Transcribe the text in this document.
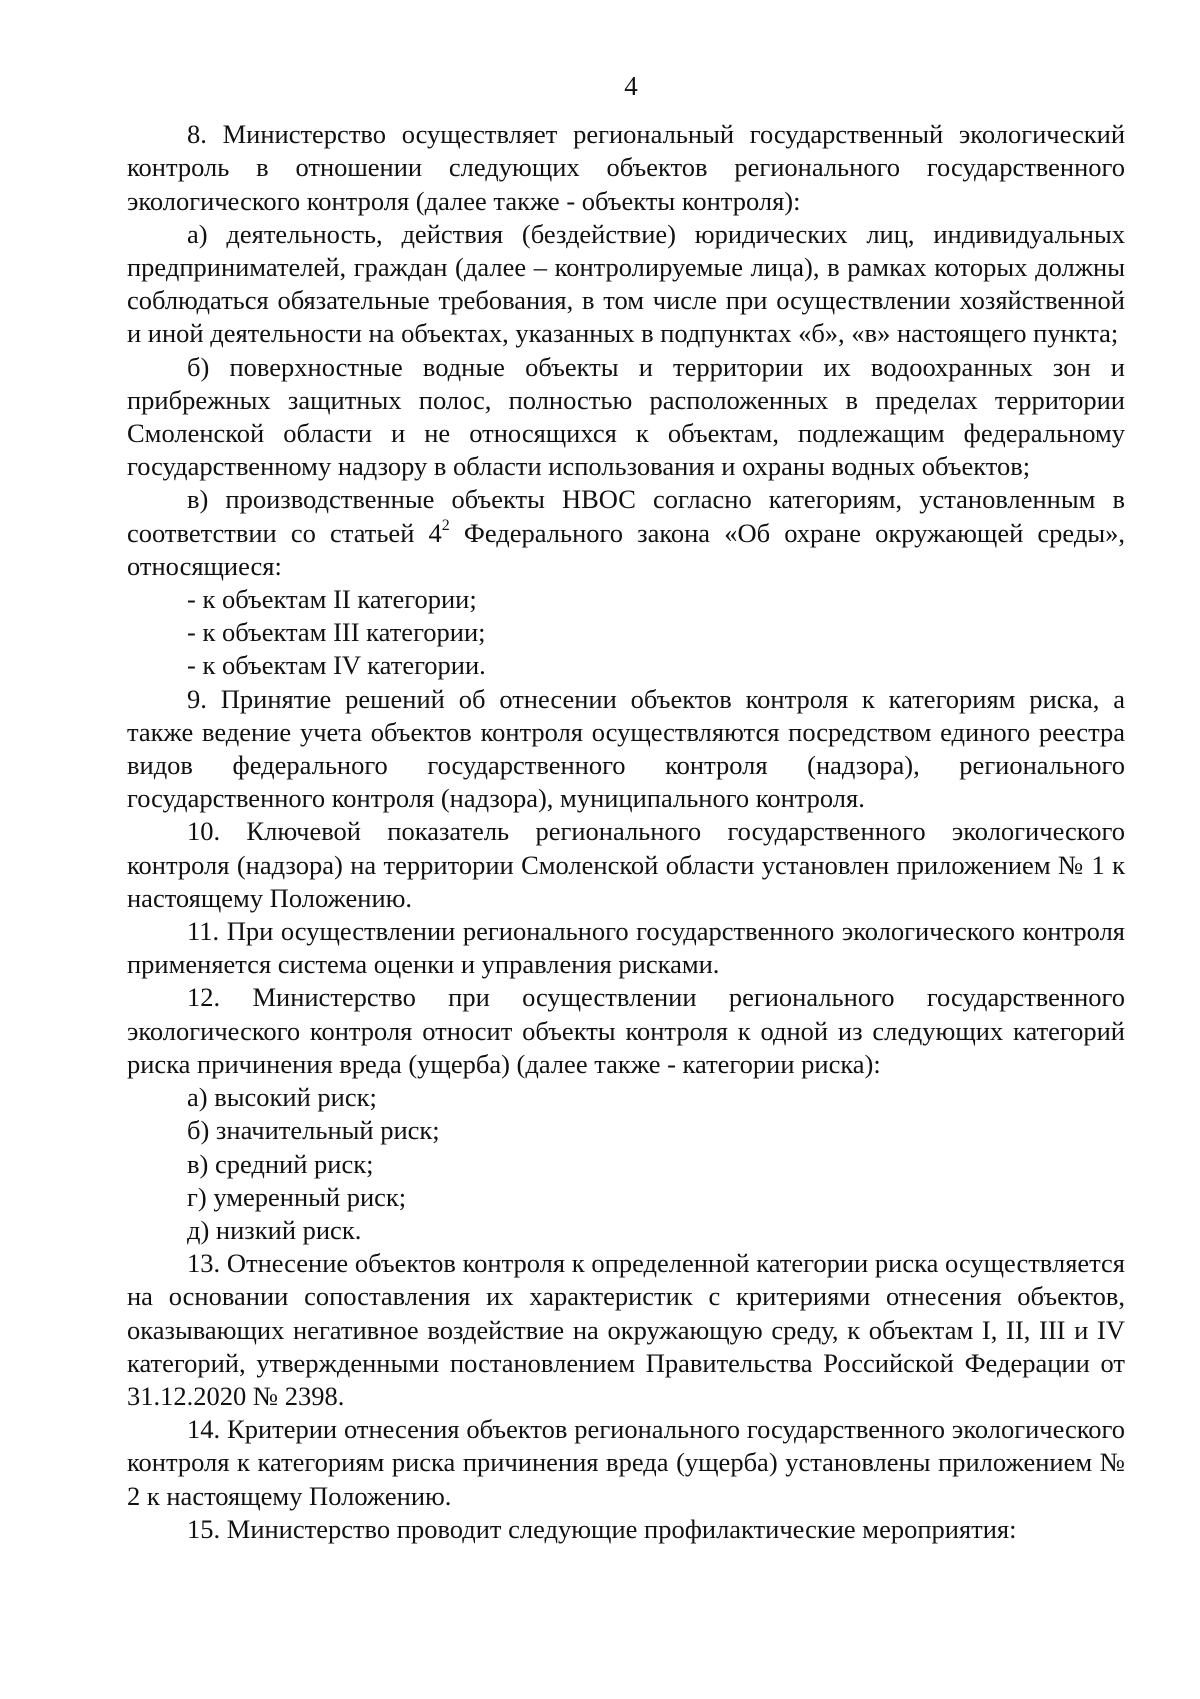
4

8. Министерство осуществляет региональный государственный экологический контроль в отношении следующих объектов регионального государственного экологического контроля (далее также - объекты контроля):

а) деятельность, действия (бездействие) юридических лиц, индивидуальных предпринимателей, граждан (далее – контролируемые лица), в рамках которых должны соблюдаться обязательные требования, в том числе при осуществлении хозяйственной и иной деятельности на объектах, указанных в подпунктах «б», «в» настоящего пункта;

б) поверхностные водные объекты и территории их водоохранных зон и прибрежных защитных полос, полностью расположенных в пределах территории Смоленской области и не относящихся к объектам, подлежащим федеральному государственному надзору в области использования и охраны водных объектов;

в) производственные объекты НВОС согласно категориям, установленным в соответствии со статьей $4^2$ Федерального закона «Об охране окружающей среды», относящиеся:

- к объектам II категории;

- к объектам III категории;

- к объектам IV категории.

9. Принятие решений об отнесении объектов контроля к категориям риска, а также ведение учета объектов контроля осуществляются посредством единого реестра видов федерального государственного контроля (надзора), регионального государственного контроля (надзора), муниципального контроля.

10. Ключевой показатель регионального государственного экологического контроля (надзора) на территории Смоленской области установлен приложением № 1 к настоящему Положению.

11. При осуществлении регионального государственного экологического контроля применяется система оценки и управления рисками.

12. Министерство при осуществлении регионального государственного экологического контроля относит объекты контроля к одной из следующих категорий риска причинения вреда (ущерба) (далее также - категории риска):

а) высокий риск;

б) значительный риск;

в) средний риск;

г) умеренный риск;

д) низкий риск.

13. Отнесение объектов контроля к определенной категории риска осуществляется на основании сопоставления их характеристик с критериями отнесения объектов, оказывающих негативное воздействие на окружающую среду, к объектам I, II, III и IV категорий, утвержденными постановлением Правительства Российской Федерации от 31.12.2020 № 2398.

14. Критерии отнесения объектов регионального государственного экологического контроля к категориям риска причинения вреда (ущерба) установлены приложением № 2 к настоящему Положению.

15. Министерство проводит следующие профилактические мероприятия:
